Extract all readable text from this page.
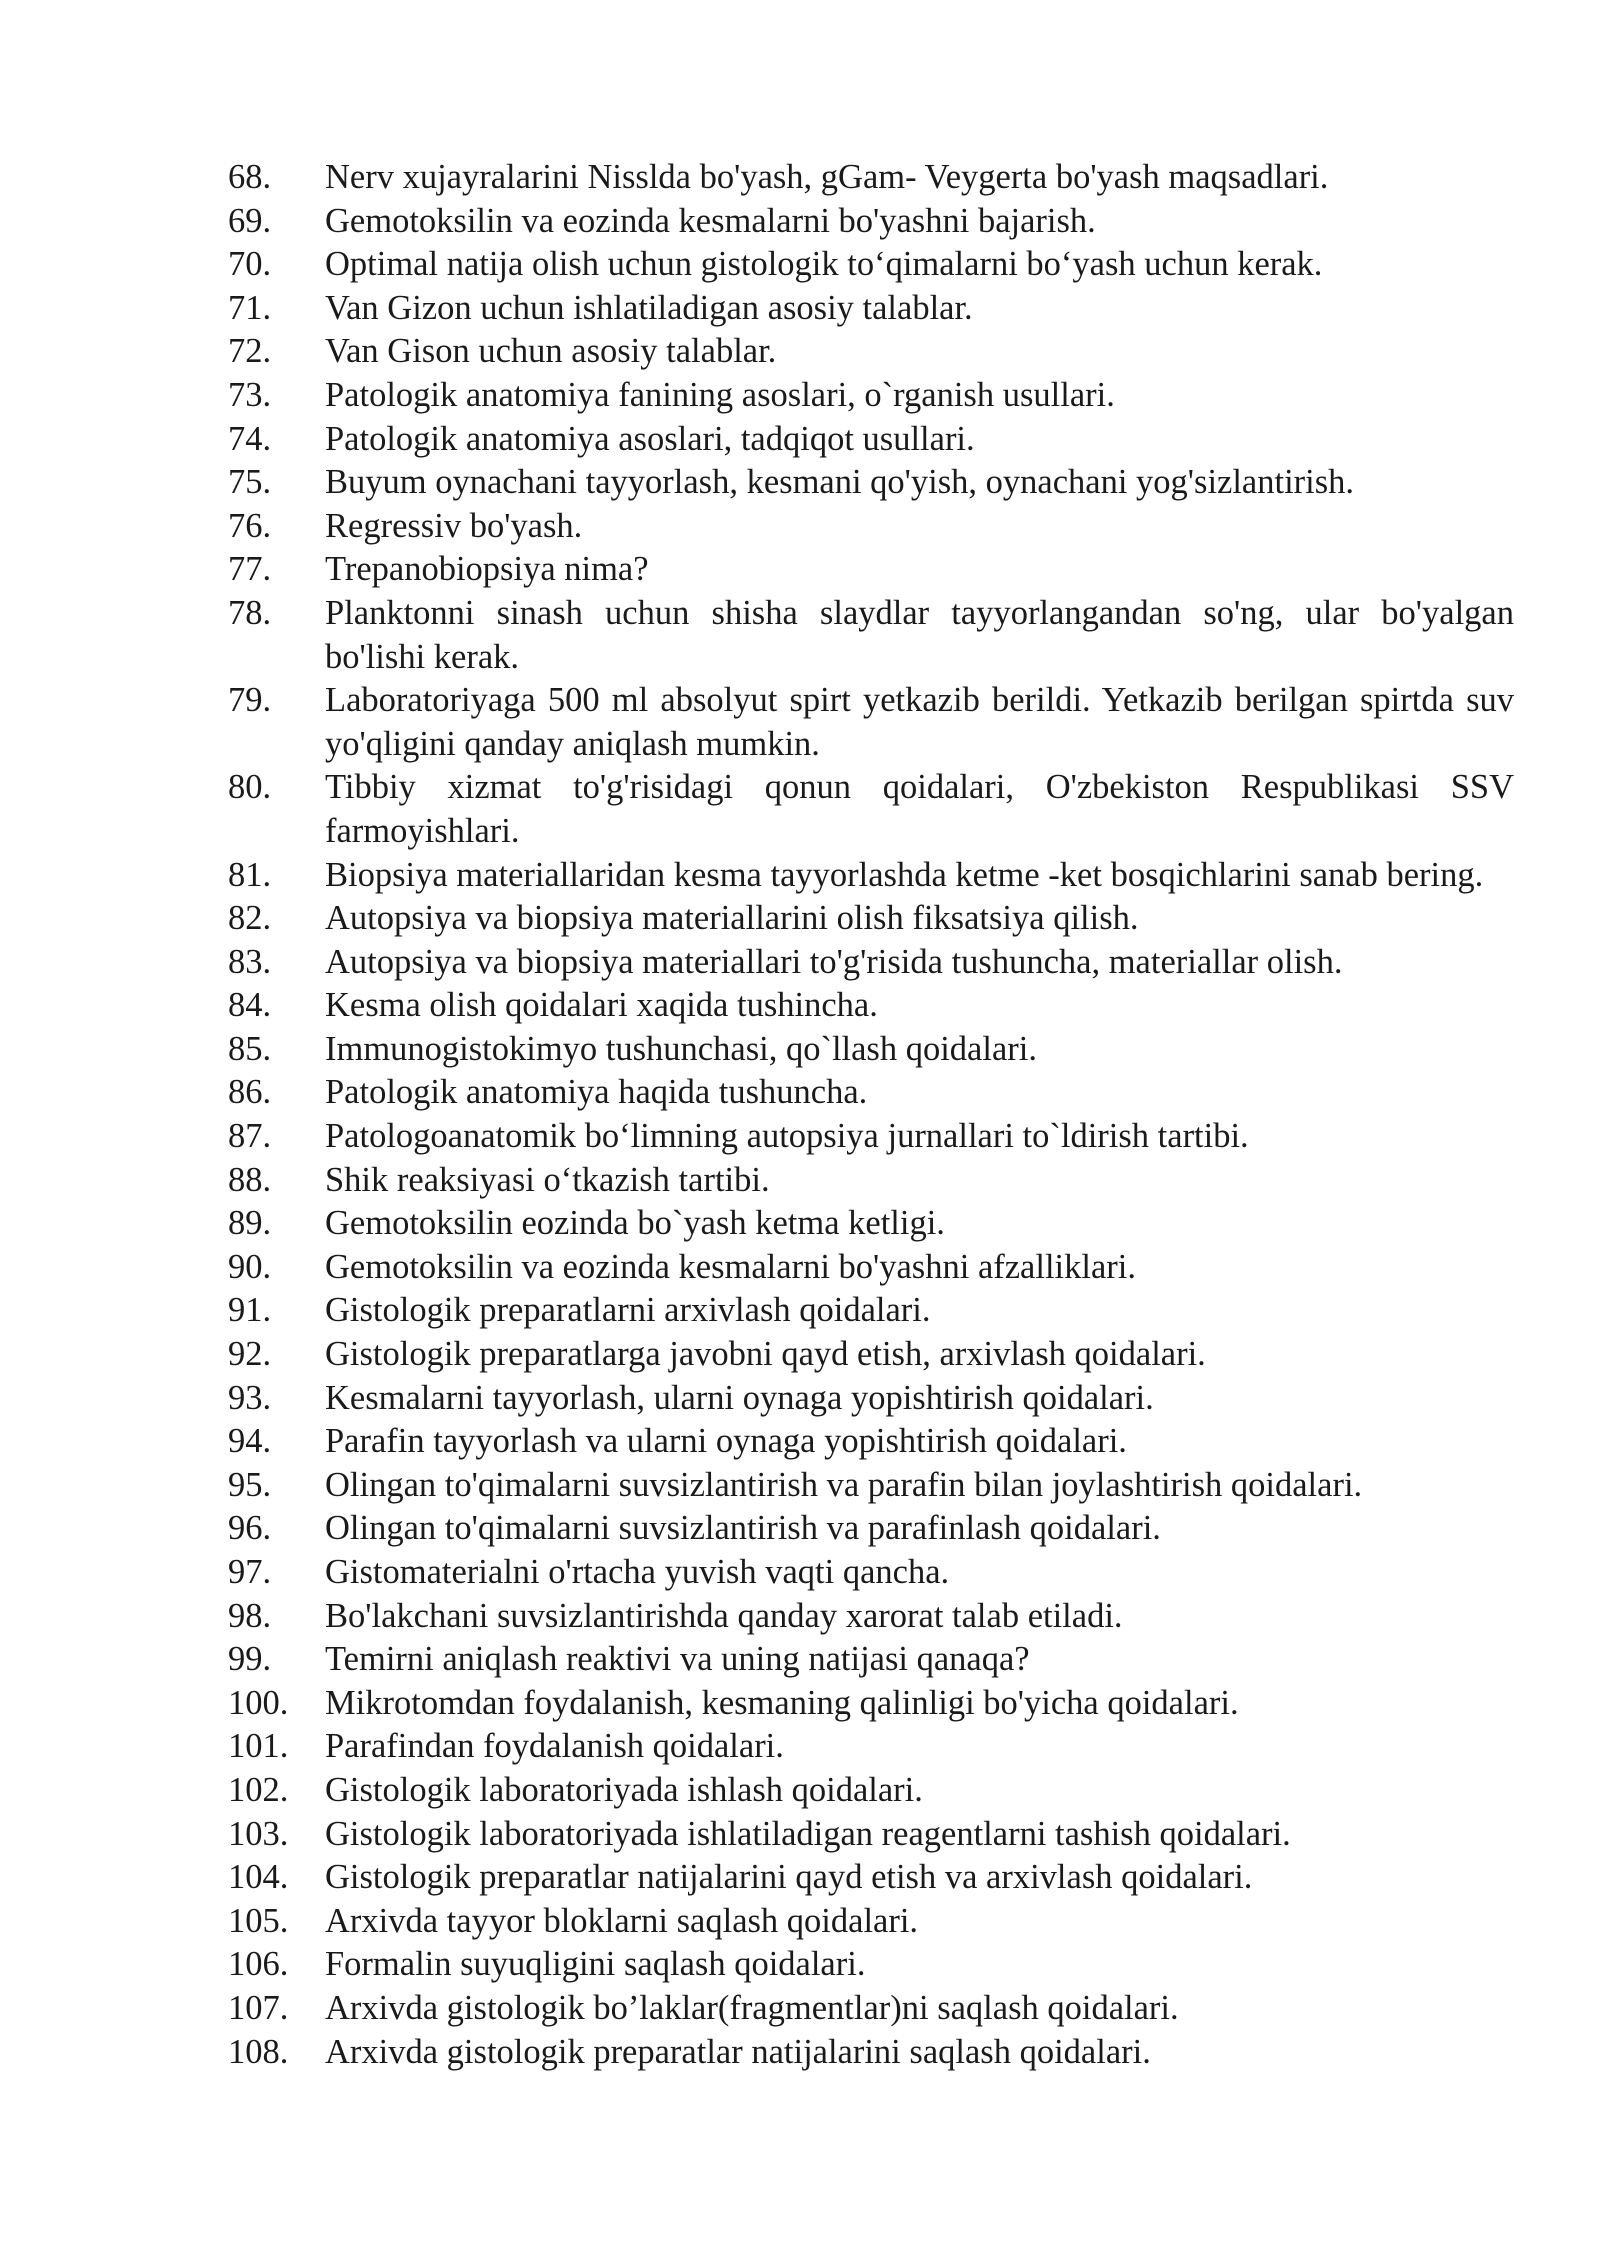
68.	Nerv xujayralarini Nisslda bo'yash, gGam- Veygerta bo'yash maqsadlari.
69.	Gemotoksilin va eozinda kesmalarni bo'yashni bajarish.
70.	Optimal natija olish uchun gistologik to‘qimalarni bo‘yash uchun kerak.
71.	Van Gizon uchun ishlatiladigan asosiy talablar.
72.	Van Gison uchun asosiy talablar.
73.	Patologik anatomiya fanining asoslari, o`rganish usullari.
74.	Patologik anatomiya asoslari, tadqiqot usullari.
75.	Buyum oynachani tayyorlash, kesmani qo'yish, oynachani yog'sizlantirish.
76.	Regressiv bo'yash.
77.	Trepanobiopsiya nima?
78.	Planktonni sinash uchun shisha slaydlar tayyorlangandan so'ng, ular bo'yalgan bo'lishi kerak.
79.	Laboratoriyaga 500 ml absolyut spirt yetkazib berildi. Yetkazib berilgan spirtda suv yo'qligini qanday aniqlash mumkin.
80.	Tibbiy xizmat to'g'risidagi qonun qoidalari, O'zbekiston Respublikasi SSV farmoyishlari.
81.	Biopsiya materiallaridan kesma tayyorlashda ketme -ket bosqichlarini sanab bering.
82.	Autopsiya va biopsiya materiallarini olish fiksatsiya qilish.
83.	Autopsiya va biopsiya materiallari to'g'risida tushuncha, materiallar olish.
84.	Kesma olish qoidalari xaqida tushincha.
85.	Immunogistokimyo tushunchasi, qo`llash qoidalari.
86.	Patologik anatomiya haqida tushuncha.
87.	Patologoanatomik bo‘limning autopsiya jurnallari to`ldirish tartibi.
88.	Shik reaksiyasi o‘tkazish tartibi.
89.	Gemotoksilin eozinda bo`yash ketma ketligi.
90.	Gemotoksilin va eozinda kesmalarni bo'yashni afzalliklari.
91.	Gistologik preparatlarni arxivlash qoidalari.
92.	Gistologik preparatlarga javobni qayd etish, arxivlash qoidalari.
93.	Kesmalarni tayyorlash, ularni oynaga yopishtirish qoidalari.
94.	Parafin tayyorlash va ularni oynaga yopishtirish qoidalari.
95.	Olingan to'qimalarni suvsizlantirish va parafin bilan joylashtirish qoidalari.
96.	Olingan to'qimalarni suvsizlantirish va parafinlash qoidalari.
97.	Gistomaterialni o'rtacha yuvish vaqti qancha.
98.	Bo'lakchani suvsizlantirishda qanday xarorat talab etiladi.
99.	Temirni aniqlash reaktivi va uning natijasi qanaqa?
100.	Mikrotomdan foydalanish, kesmaning qalinligi bo'yicha qoidalari.
101.	Parafindan foydalanish qoidalari.
102.	Gistologik laboratoriyada ishlash qoidalari.
103.	Gistologik laboratoriyada ishlatiladigan reagentlarni tashish qoidalari.
104.	Gistologik preparatlar natijalarini qayd etish va arxivlash qoidalari.
105.	Arxivda tayyor bloklarni saqlash qoidalari.
106.	Formalin suyuqligini saqlash qoidalari.
107.	Arxivda gistologik bo’laklar(fragmentlar)ni saqlash qoidalari.
108.	Arxivda gistologik preparatlar natijalarini saqlash qoidalari.
